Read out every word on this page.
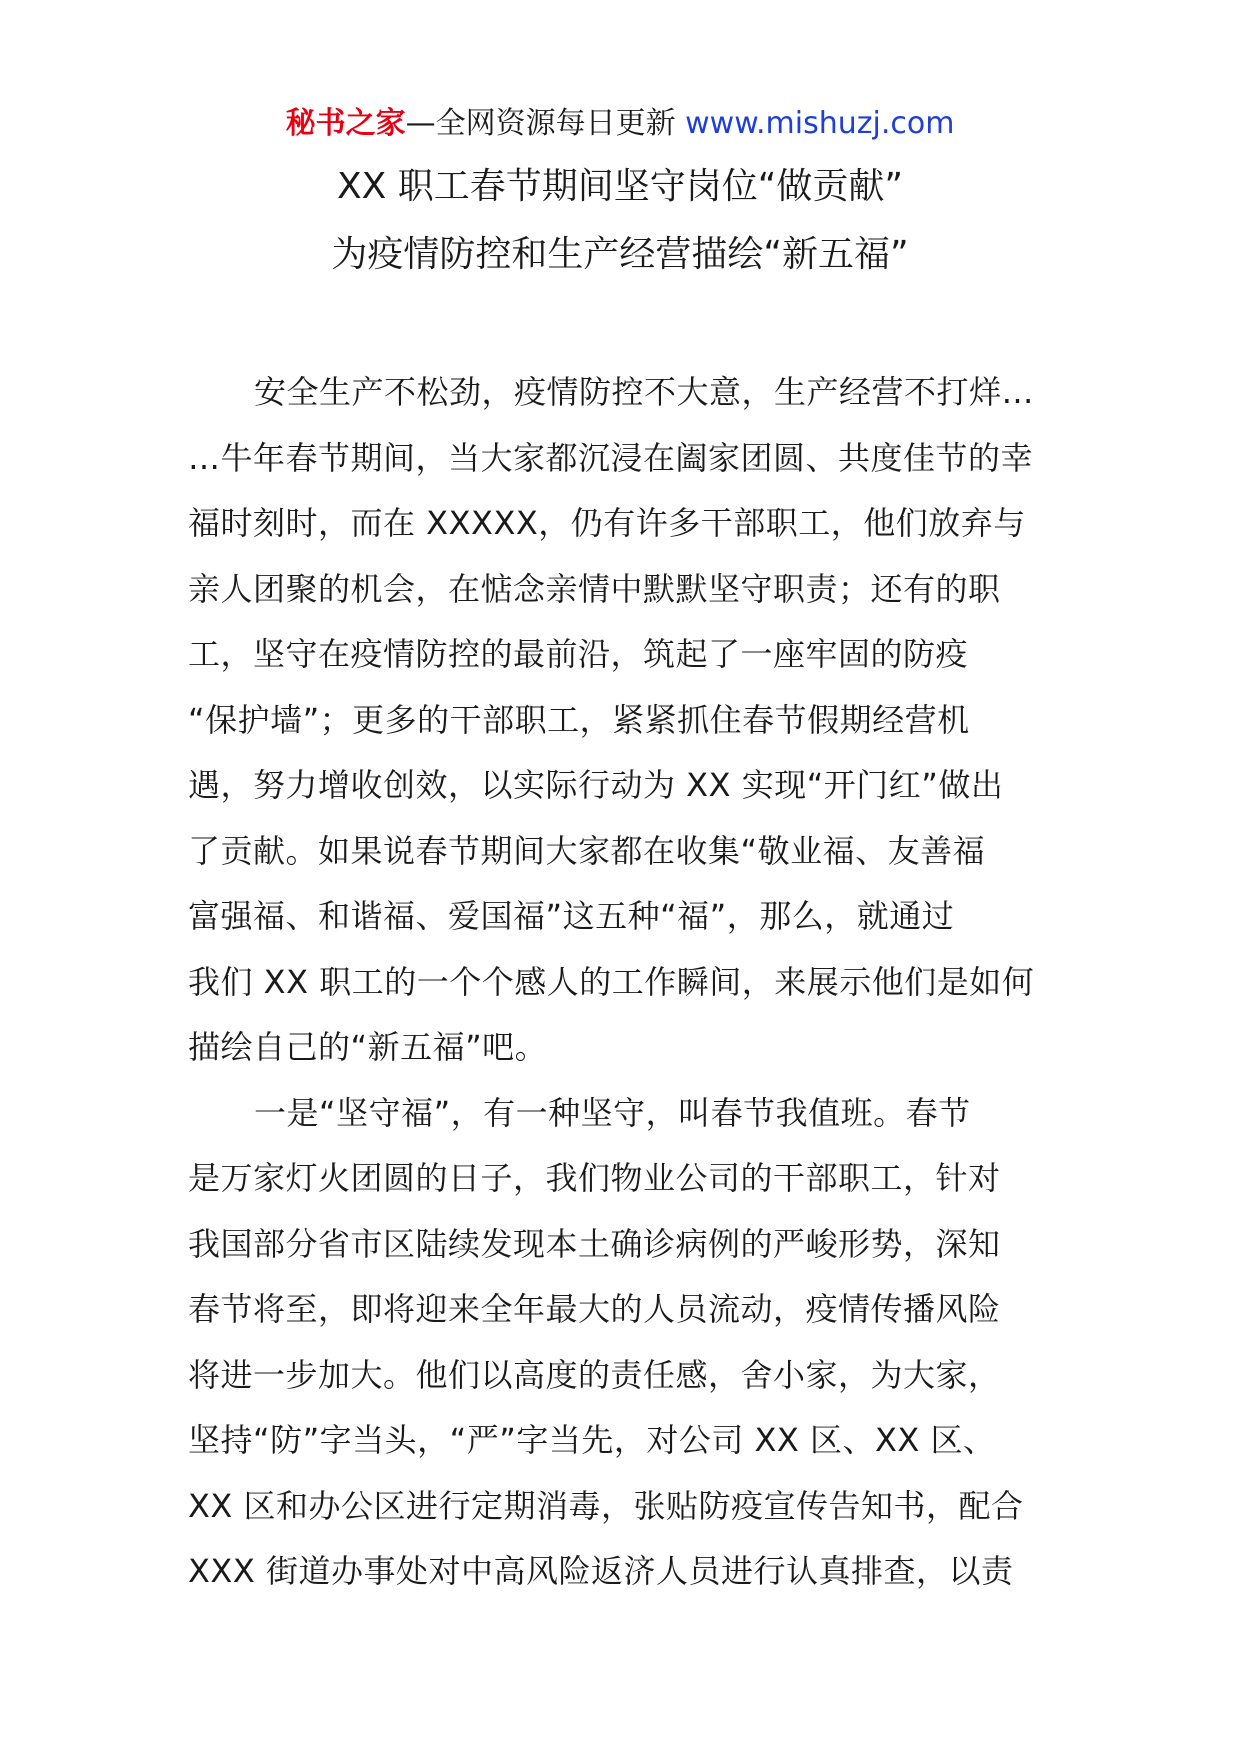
秘书之家—全网资源每日更新 www.mishuzj.com
XX 职工春节期间坚守岗位“做贡献”
为疫情防控和生产经营描绘“新五福”
安全生产不松劲，疫情防控不大意，生产经营不打烊…
…牛年春节期间，当大家都沉浸在阖家团圆、共度佳节的幸
福时刻时，而在 XXXXX，仍有许多干部职工，他们放弃与
亲人团聚的机会，在惦念亲情中默默坚守职责；还有的职
工，坚守在疫情防控的最前沿，筑起了一座牢固的防疫
“保护墙”；更多的干部职工，紧紧抓住春节假期经营机
遇，努力增收创效，以实际行动为 XX 实现“开门红”做出
了贡献。如果说春节期间大家都在收集“敬业福、友善福
富强福、和谐福、爱国福”这五种“福”，那么，就通过
我们 XX 职工的一个个感人的工作瞬间，来展示他们是如何
描绘自己的“新五福”吧。
一是“坚守福”，有一种坚守，叫春节我值班。春节
是万家灯火团圆的日子，我们物业公司的干部职工，针对
我国部分省市区陆续发现本土确诊病例的严峻形势，深知
春节将至，即将迎来全年最大的人员流动，疫情传播风险
将进一步加大。他们以高度的责任感，舍小家，为大家，
坚持“防”字当头，“严”字当先，对公司 XX 区、XX 区、
XX 区和办公区进行定期消毒，张贴防疫宣传告知书，配合
XXX 街道办事处对中高风险返济人员进行认真排查，以责
